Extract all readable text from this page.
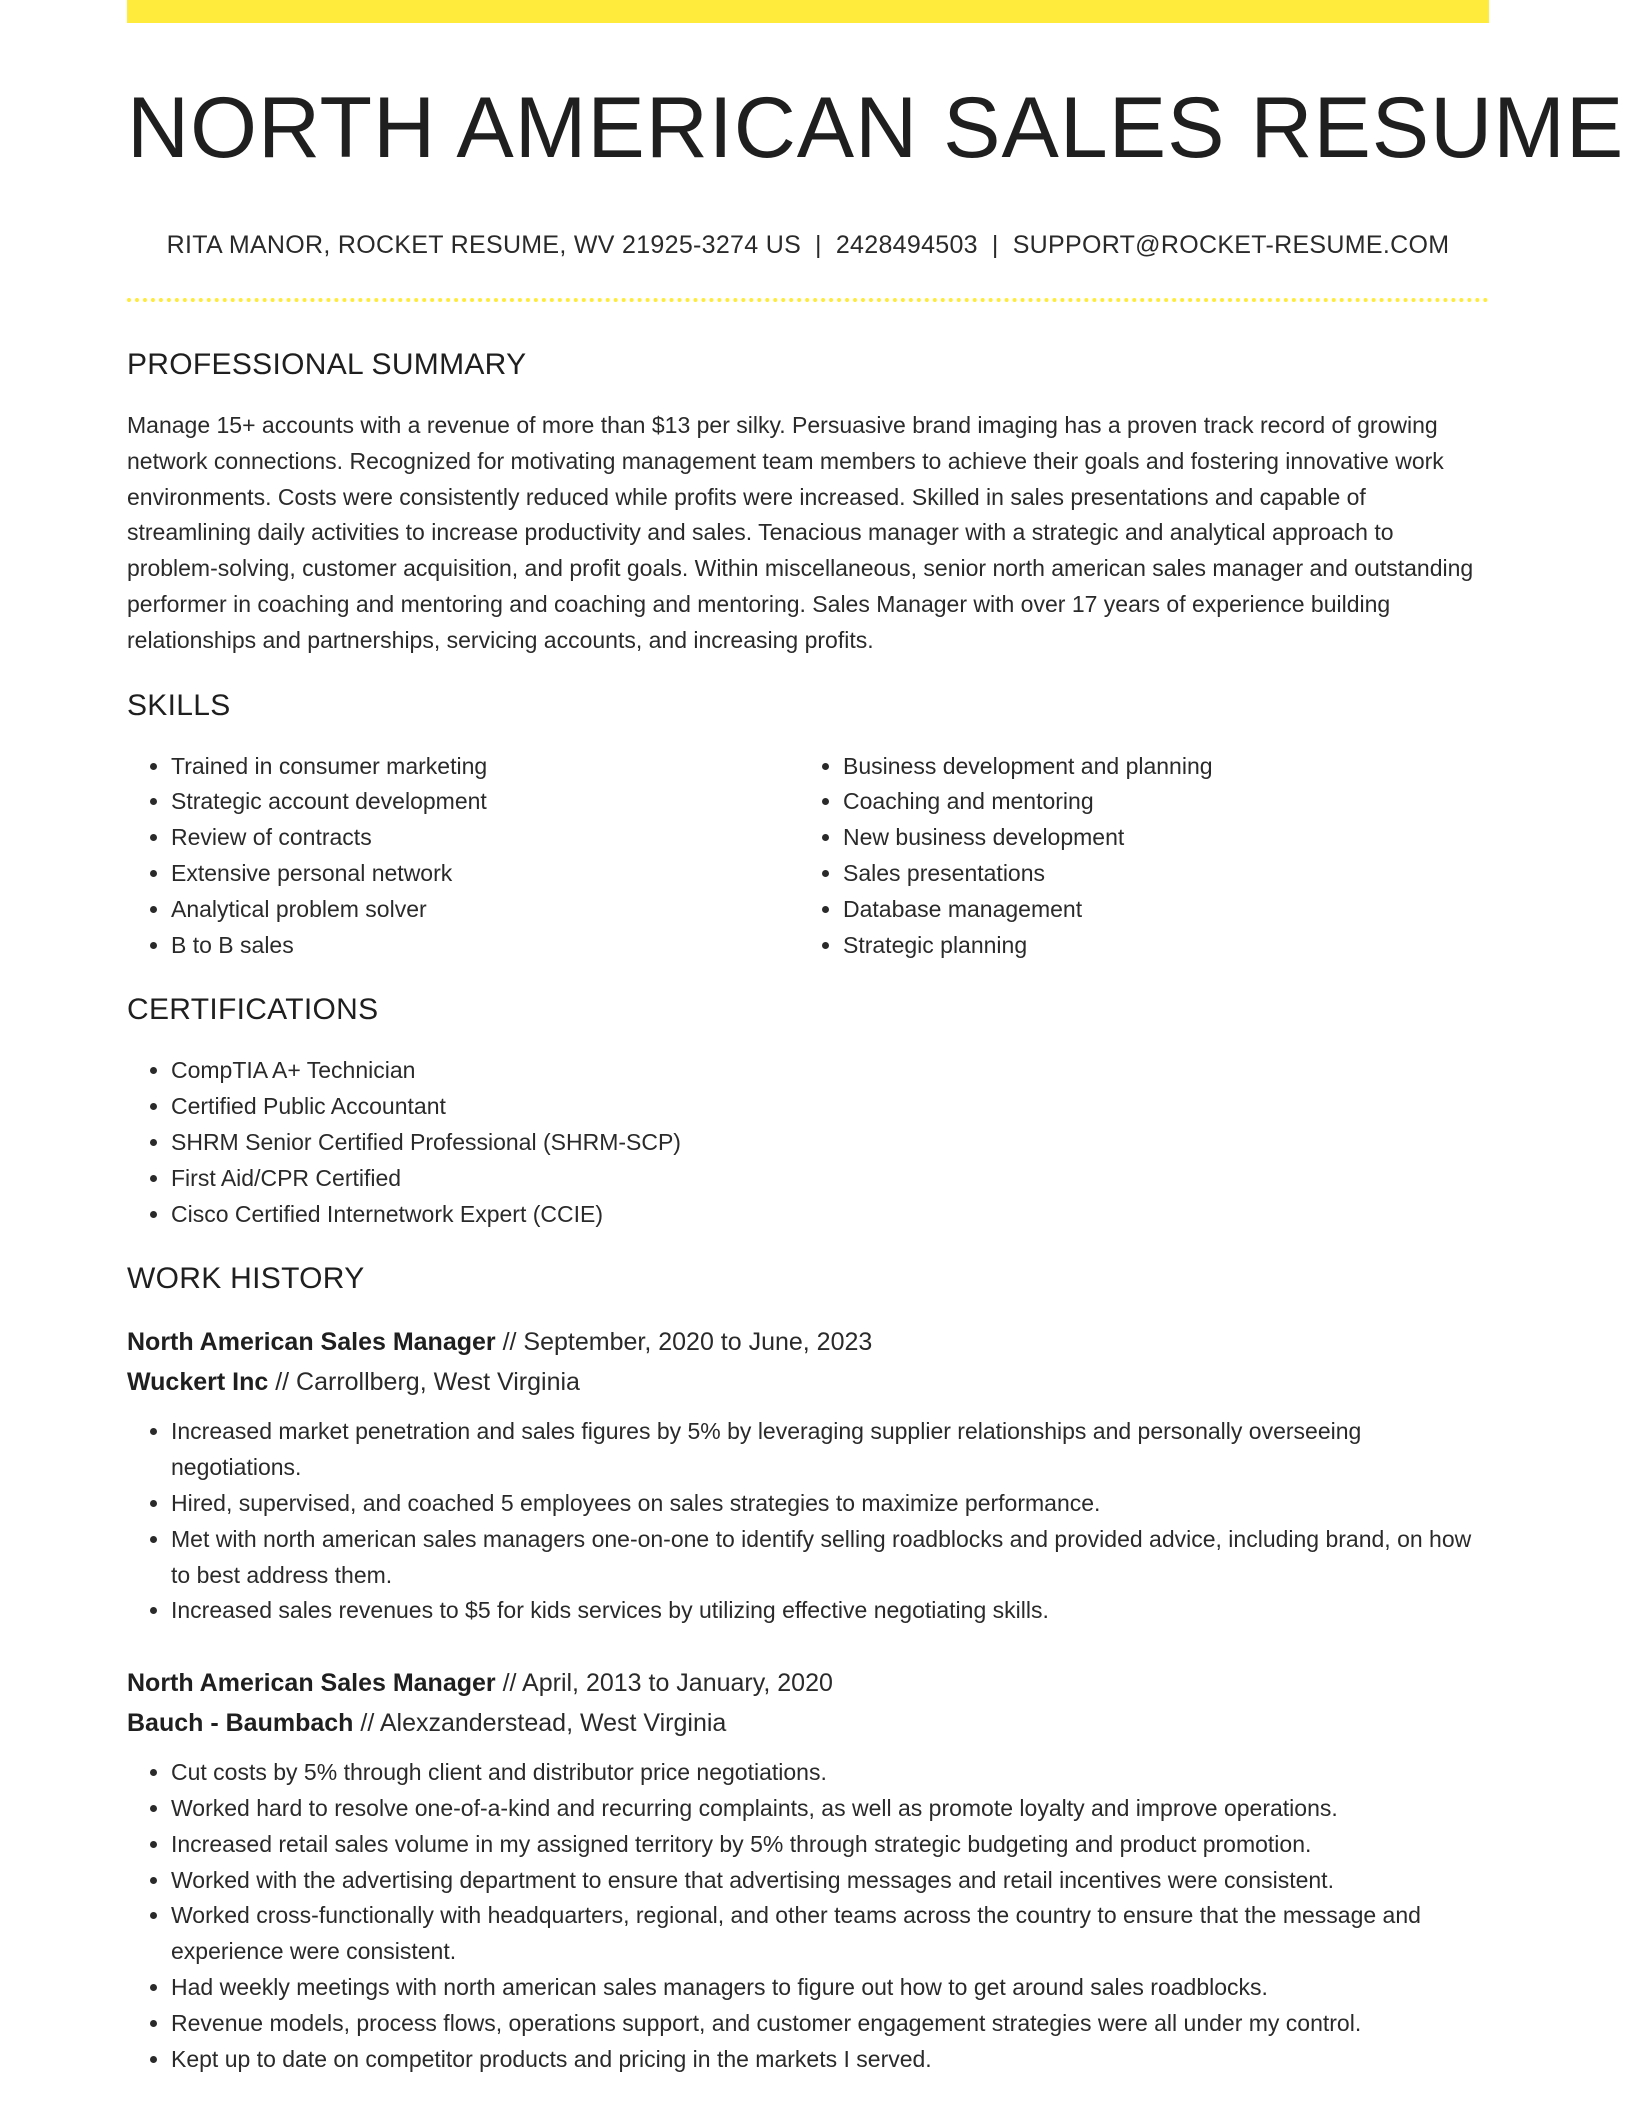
NORTH AMERICAN SALES RESUME
RITA MANOR, ROCKET RESUME, WV 21925-3274 US | 2428494503 | SUPPORT@ROCKET-RESUME.COM
PROFESSIONAL SUMMARY

Manage 15+ accounts with a revenue of more than $13 per silky. Persuasive brand imaging has a proven track record of growing network connections. Recognized for motivating management team members to achieve their goals and fostering innovative work environments. Costs were consistently reduced while profits were increased. Skilled in sales presentations and capable of streamlining daily activities to increase productivity and sales. Tenacious manager with a strategic and analytical approach to problem-solving, customer acquisition, and profit goals. Within miscellaneous, senior north american sales manager and outstanding performer in coaching and mentoring and coaching and mentoring. Sales Manager with over 17 years of experience building relationships and partnerships, servicing accounts, and increasing profits.

SKILLS
• Trained in consumer marketing
• Strategic account development
• Review of contracts
• Extensive personal network
• Analytical problem solver
• B to B sales
• Business development and planning
• Coaching and mentoring
• New business development
• Sales presentations
• Database management
• Strategic planning
CERTIFICATIONS
• CompTIA A+ Technician
• Certified Public Accountant
• SHRM Senior Certified Professional (SHRM-SCP)
• First Aid/CPR Certified
• Cisco Certified Internetwork Expert (CCIE)
WORK HISTORY
North American Sales Manager // September, 2020 to June, 2023
Wuckert Inc // Carrollberg, West Virginia
• Increased market penetration and sales figures by 5% by leveraging supplier relationships and personally overseeing negotiations.
• Hired, supervised, and coached 5 employees on sales strategies to maximize performance.
• Met with north american sales managers one-on-one to identify selling roadblocks and provided advice, including brand, on how to best address them.
• Increased sales revenues to $5 for kids services by utilizing effective negotiating skills.
North American Sales Manager // April, 2013 to January, 2020
Bauch - Baumbach // Alexzanderstead, West Virginia
• Cut costs by 5% through client and distributor price negotiations.
• Worked hard to resolve one-of-a-kind and recurring complaints, as well as promote loyalty and improve operations.
• Increased retail sales volume in my assigned territory by 5% through strategic budgeting and product promotion.
• Worked with the advertising department to ensure that advertising messages and retail incentives were consistent.
• Worked cross-functionally with headquarters, regional, and other teams across the country to ensure that the message and experience were consistent.
• Had weekly meetings with north american sales managers to figure out how to get around sales roadblocks.
• Revenue models, process flows, operations support, and customer engagement strategies were all under my control.
• Kept up to date on competitor products and pricing in the markets I served.
